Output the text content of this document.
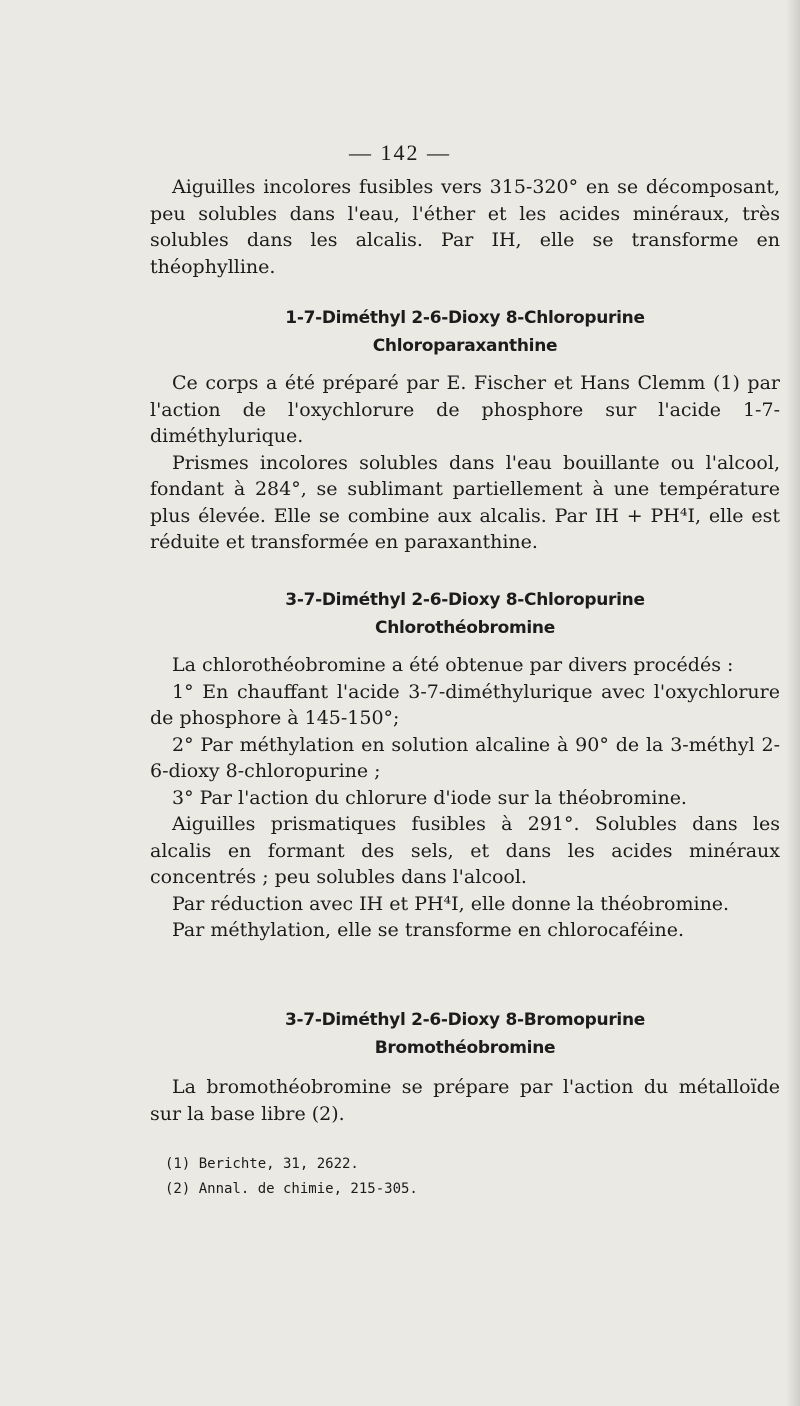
— 142 —

Aiguilles incolores fusibles vers 315-320° en se décomposant, peu solubles dans l'eau, l'éther et les acides minéraux, très solubles dans les alcalis. Par IH, elle se transforme en théophylline.

1-7-Diméthyl 2-6-Dioxy 8-Chloropurine
Chloroparaxanthine

Ce corps a été préparé par E. Fischer et Hans Clemm (1) par l'action de l'oxychlorure de phosphore sur l'acide 1-7-diméthylurique.

Prismes incolores solubles dans l'eau bouillante ou l'alcool, fondant à 284°, se sublimant partiellement à une température plus élevée. Elle se combine aux alcalis. Par IH + PH⁴I, elle est réduite et transformée en paraxanthine.

3-7-Diméthyl 2-6-Dioxy 8-Chloropurine
Chlorothéobromine

La chlorothéobromine a été obtenue par divers procédés :

1° En chauffant l'acide 3-7-diméthylurique avec l'oxychlorure de phosphore à 145-150°;

2° Par méthylation en solution alcaline à 90° de la 3-méthyl 2-6-dioxy 8-chloropurine ;

3° Par l'action du chlorure d'iode sur la théobromine.

Aiguilles prismatiques fusibles à 291°. Solubles dans les alcalis en formant des sels, et dans les acides minéraux concentrés ; peu solubles dans l'alcool.

Par réduction avec IH et PH⁴I, elle donne la théobromine.

Par méthylation, elle se transforme en chlorocaféine.

3-7-Diméthyl 2-6-Dioxy 8-Bromopurine
Bromothéobromine

La bromothéobromine se prépare par l'action du métalloïde sur la base libre (2).

(1) Berichte, 31, 2622.
(2) Annal. de chimie, 215-305.
